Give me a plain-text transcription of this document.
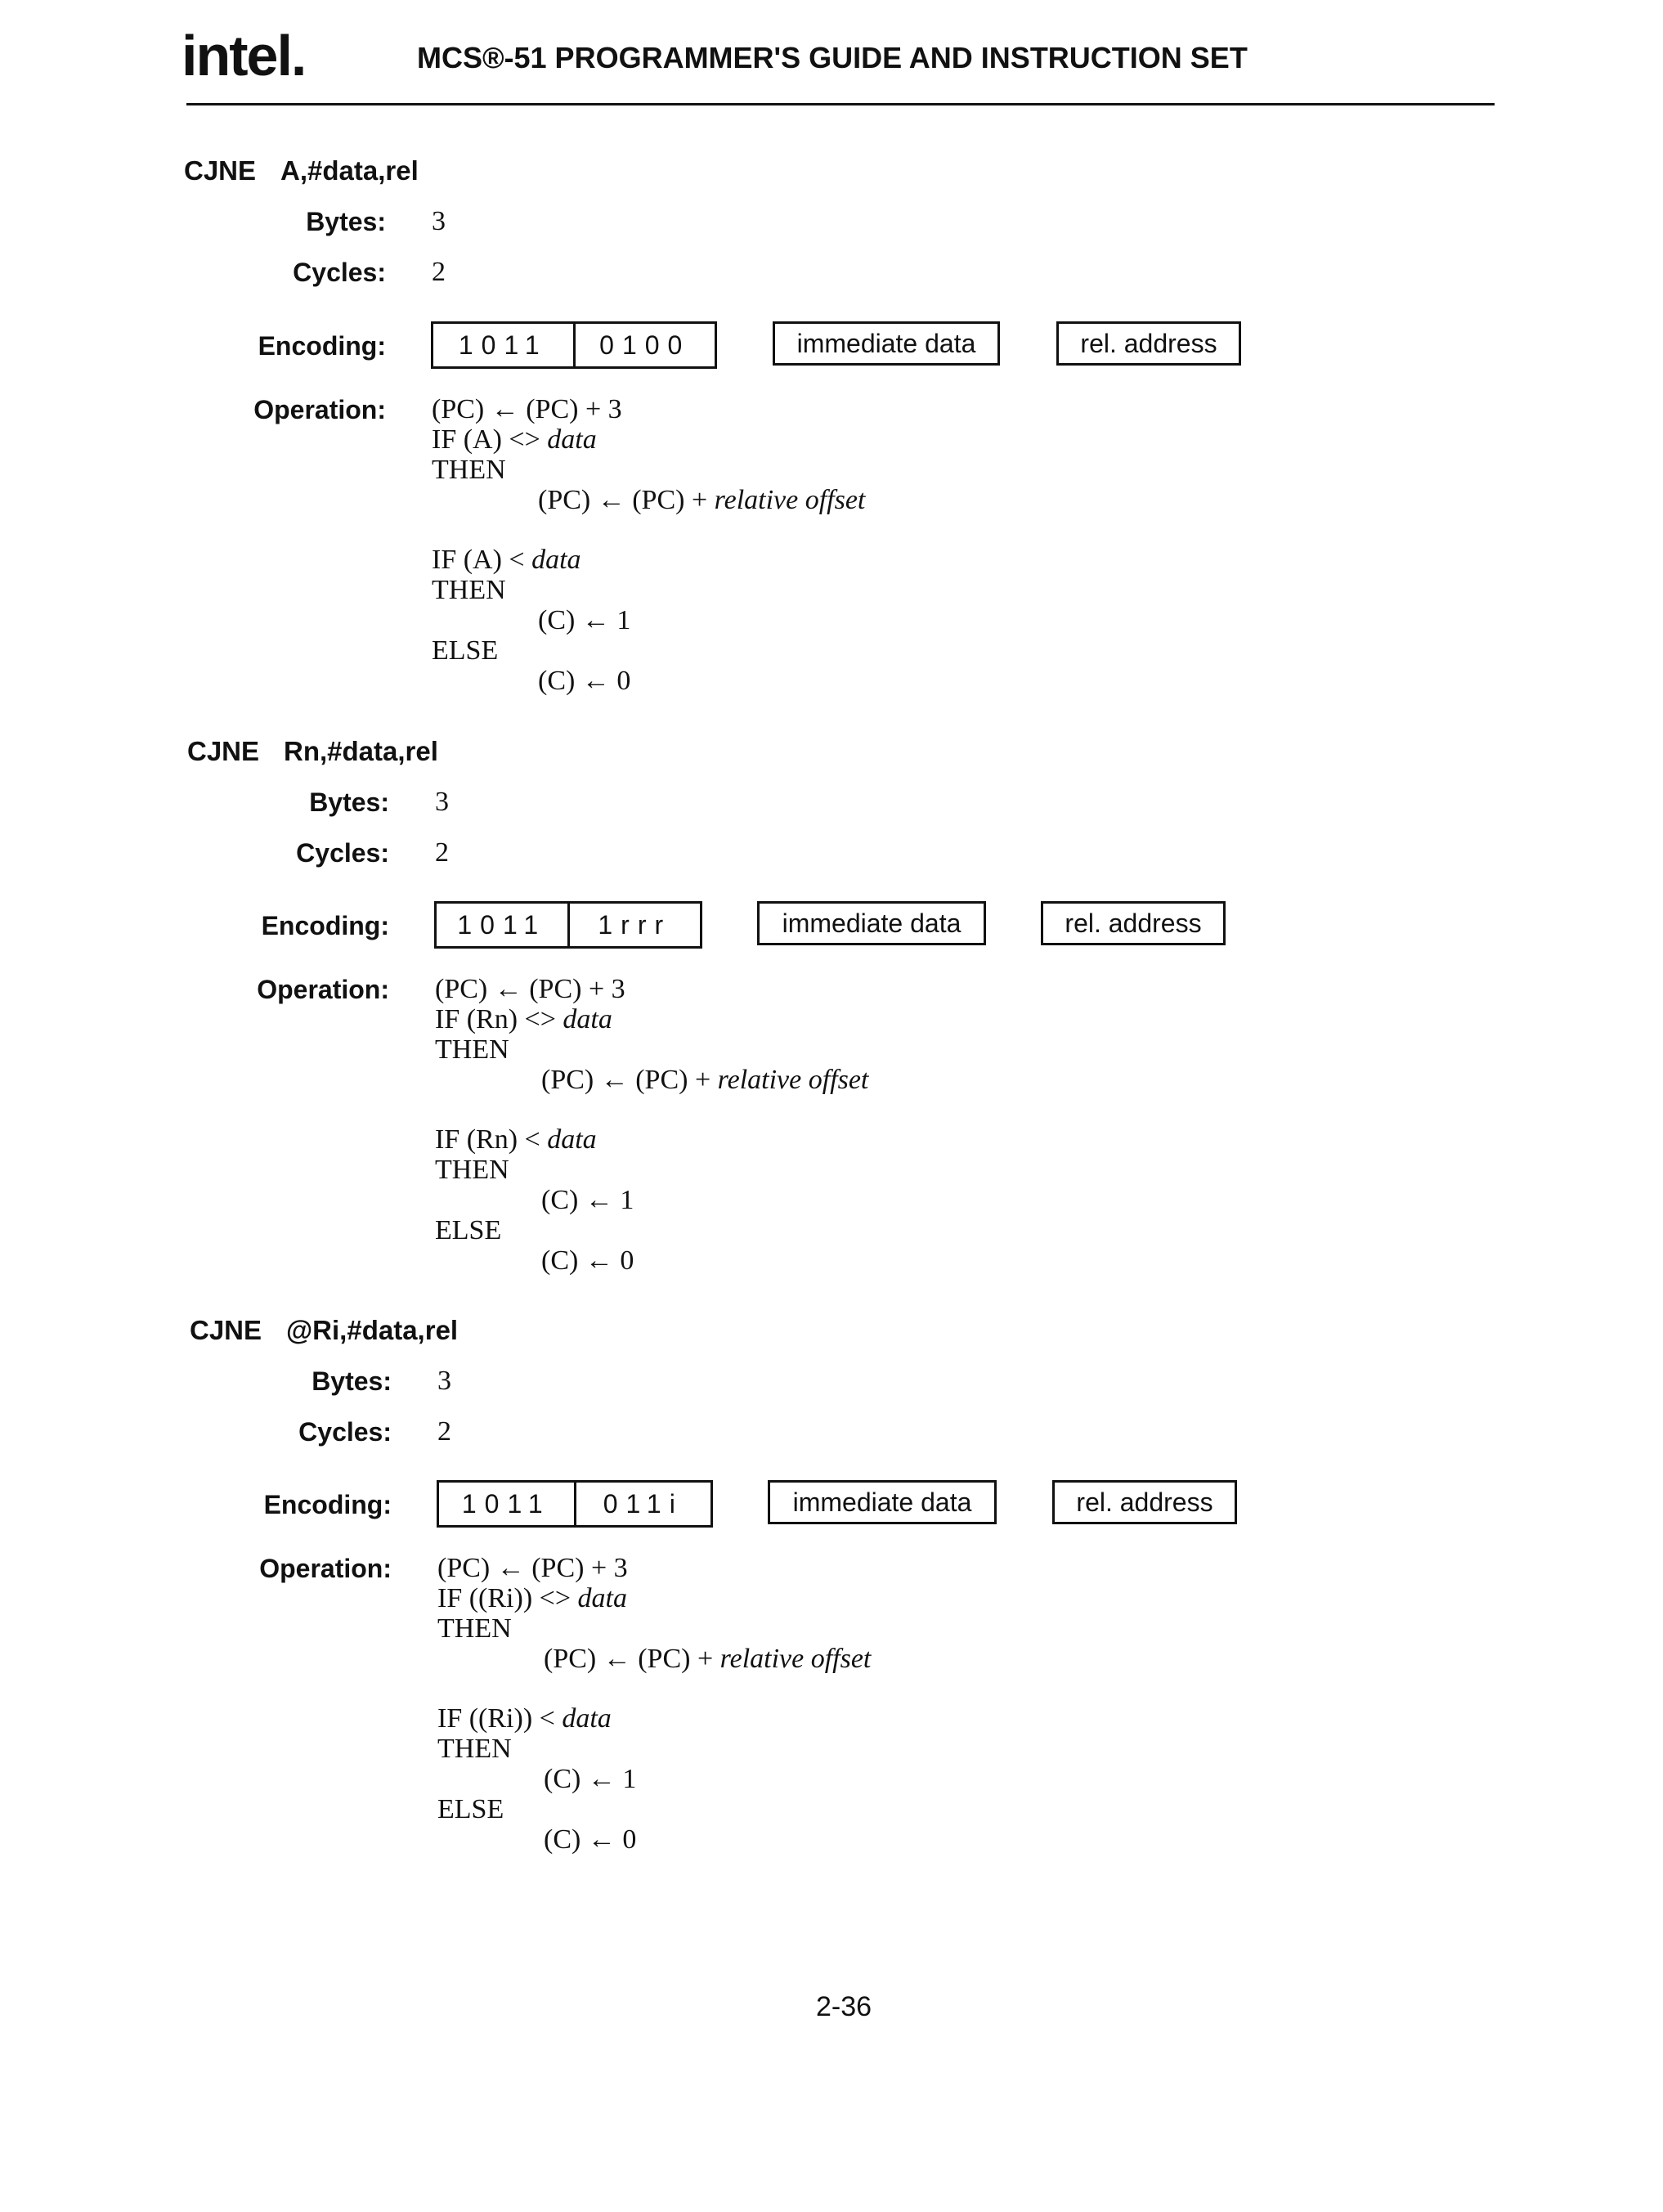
intel.	MCS®-51 PROGRAMMER'S GUIDE AND INSTRUCTION SET
CJNE A,#data,rel
Bytes: 3
Cycles: 2
Encoding:	1011	0100	immediate data	rel. address
Operation: (PC) ← (PC) + 3
IF (A) <> data
THEN
(PC) ← (PC) + relative offset
IF (A) < data
THEN
(C) ← 1
ELSE
(C) ← 0
CJNE Rn,#data,rel
Bytes: 3
Cycles: 2
Encoding:	1011	1rrr	immediate data	rel. address
Operation: (PC) ← (PC) + 3
IF (Rn) <> data
THEN
(PC) ← (PC) + relative offset
IF (Rn) < data
THEN
(C) ← 1
ELSE
(C) ← 0
CJNE @Ri,#data,rel
Bytes: 3
Cycles: 2
Encoding:	1011	011i	immediate data	rel. address
Operation: (PC) ← (PC) + 3
IF ((Ri)) <> data
THEN
(PC) ← (PC) + relative offset
IF ((Ri)) < data
THEN
(C) ← 1
ELSE
(C) ← 0
2-36
